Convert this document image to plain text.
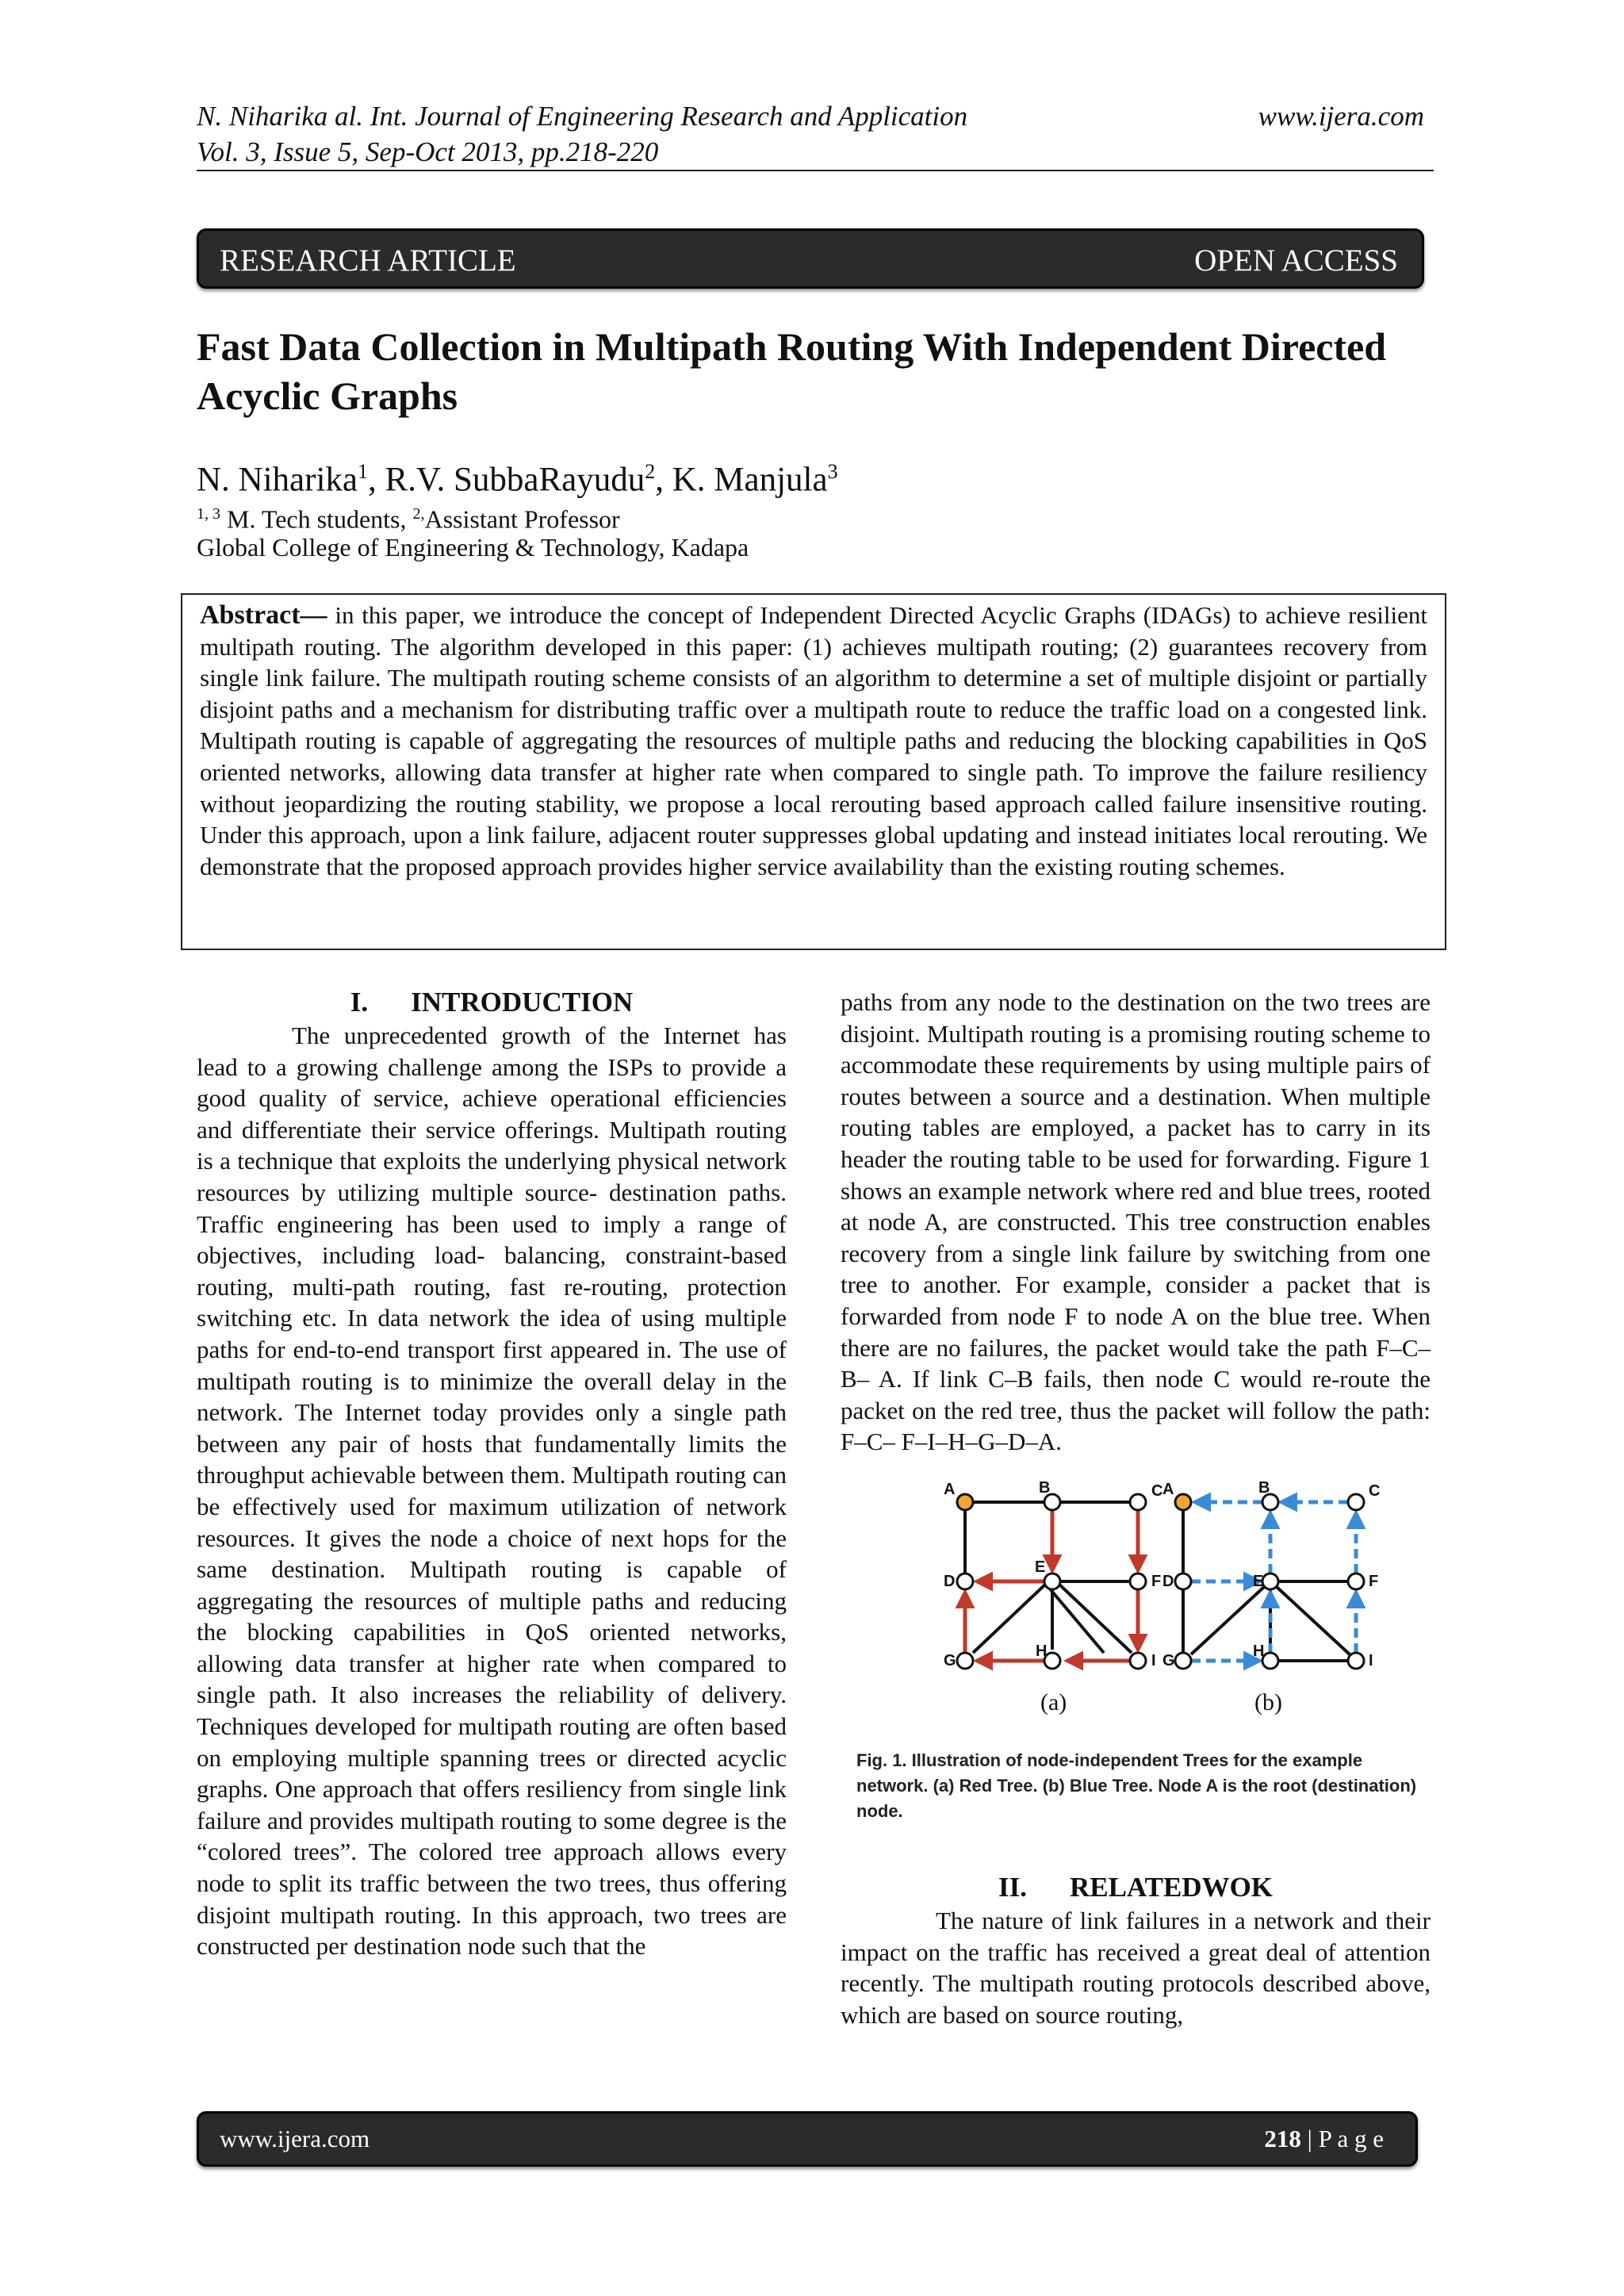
N. Niharika al. Int. Journal of Engineering Research and Application
Vol. 3, Issue 5, Sep-Oct 2013, pp.218-220
www.ijera.com
RESEARCH ARTICLE	OPEN ACCESS
Fast Data Collection in Multipath Routing With Independent Directed Acyclic Graphs
N. Niharika$^1$, R.V. SubbaRayudu$^2$, K. Manjula$^3$
$^{1, 3}$ M. Tech students, $^{2,}$Assistant Professor
Global College of Engineering & Technology, Kadapa
Abstract— in this paper, we introduce the concept of Independent Directed Acyclic Graphs (IDAGs) to achieve resilient multipath routing. The algorithm developed in this paper: (1) achieves multipath routing; (2) guarantees recovery from single link failure. The multipath routing scheme consists of an algorithm to determine a set of multiple disjoint or partially disjoint paths and a mechanism for distributing traffic over a multipath route to reduce the traffic load on a congested link. Multipath routing is capable of aggregating the resources of multiple paths and reducing the blocking capabilities in QoS oriented networks, allowing data transfer at higher rate when compared to single path. To improve the failure resiliency without jeopardizing the routing stability, we propose a local rerouting based approach called failure insensitive routing. Under this approach, upon a link failure, adjacent router suppresses global updating and instead initiates local rerouting. We demonstrate that the proposed approach provides higher service availability than the existing routing schemes.
I. INTRODUCTION

The unprecedented growth of the Internet has lead to a growing challenge among the ISPs to provide a good quality of service, achieve operational efficiencies and differentiate their service offerings. Multipath routing is a technique that exploits the underlying physical network resources by utilizing multiple source- destination paths. Traffic engineering has been used to imply a range of objectives, including load- balancing, constraint-based routing, multi-path routing, fast re-routing, protection switching etc. In data network the idea of using multiple paths for end-to-end transport first appeared in. The use of multipath routing is to minimize the overall delay in the network. The Internet today provides only a single path between any pair of hosts that fundamentally limits the throughput achievable between them. Multipath routing can be effectively used for maximum utilization of network resources. It gives the node a choice of next hops for the same destination. Multipath routing is capable of aggregating the resources of multiple paths and reducing the blocking capabilities in QoS oriented networks, allowing data transfer at higher rate when compared to single path. It also increases the reliability of delivery. Techniques developed for multipath routing are often based on employing multiple spanning trees or directed acyclic graphs. One approach that offers resiliency from single link failure and provides multipath routing to some degree is the “colored trees”. The colored tree approach allows every node to split its traffic between the two trees, thus offering disjoint multipath routing. In this approach, two trees are constructed per destination node such that the

paths from any node to the destination on the two trees are disjoint. Multipath routing is a promising routing scheme to accommodate these requirements by using multiple pairs of routes between a source and a destination. When multiple routing tables are employed, a packet has to carry in its header the routing table to be used for forwarding. Figure 1 shows an example network where red and blue trees, rooted at node A, are constructed. This tree construction enables recovery from a single link failure by switching from one tree to another. For example, consider a packet that is forwarded from node F to node A on the blue tree. When there are no failures, the packet would take the path F–C–B– A. If link C–B fails, then node C would re-route the packet on the red tree, thus the packet will follow the path: F–C– F–I–H–G–D–A.

A	B	C
D
E
F
G
H
I
A	B	C
D	E	F
G
H
I
(a)	(b)
Fig. 1. Illustration of node-independent Trees for the example network. (a) Red Tree. (b) Blue Tree. Node A is the root (destination) node.
II. RELATEDWOK

The nature of link failures in a network and their impact on the traffic has received a great deal of attention recently. The multipath routing protocols described above, which are based on source routing,

www.ijera.com	218 | P a g e
